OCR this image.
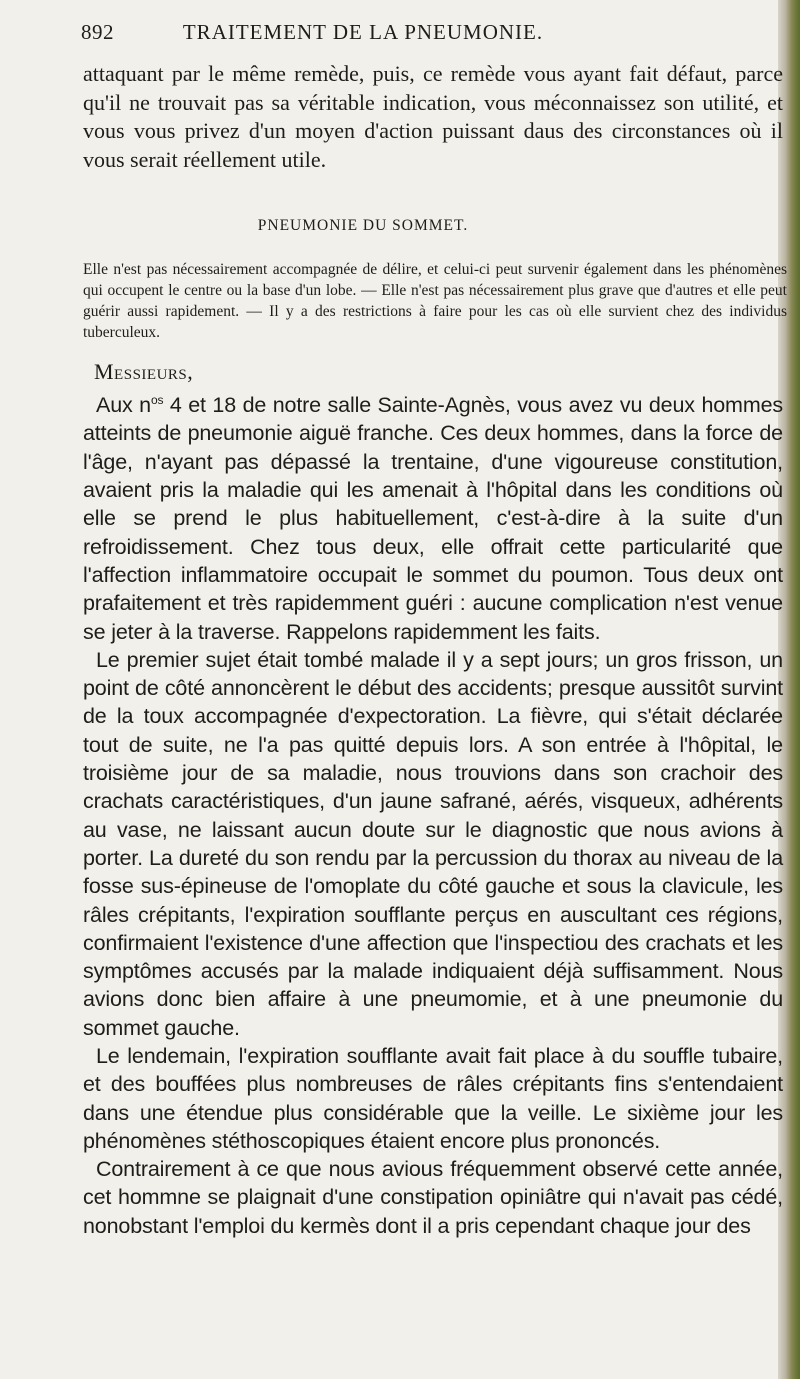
892	TRAITEMENT DE LA PNEUMONIE.

attaquant par le même remède, puis, ce remède vous ayant fait défaut, parce qu'il ne trouvait pas sa véritable indication, vous méconnaissez son utilité, et vous vous privez d'un moyen d'action puissant daus des circonstances où il vous serait réellement utile.

PNEUMONIE DU SOMMET.

Elle n'est pas nécessairement accompagnée de délire, et celui-ci peut survenir également dans les phénomènes qui occupent le centre ou la base d'un lobe. — Elle n'est pas nécessairement plus grave que d'autres et elle peut guérir aussi rapidement. — Il y a des restrictions à faire pour les cas où elle survient chez des individus tuberculeux.

Messieurs,

Aux $n^{os}$ 4 et 18 de notre salle Sainte-Agnès, vous avez vu deux hommes atteints de pneumonie aiguë franche. Ces deux hommes, dans la force de l'âge, n'ayant pas dépassé la trentaine, d'une vigoureuse constitution, avaient pris la maladie qui les amenait à l'hôpital dans les conditions où elle se prend le plus habituellement, c'est-à-dire à la suite d'un refroidissement. Chez tous deux, elle offrait cette particularité que l'affection inflammatoire occupait le sommet du poumon. Tous deux ont prafaitement et très rapidemment guéri : aucune complication n'est venue se jeter à la traverse. Rappelons rapidemment les faits.

Le premier sujet était tombé malade il y a sept jours; un gros frisson, un point de côté annoncèrent le début des accidents; presque aussitôt survint de la toux accompagnée d'expectoration. La fièvre, qui s'était déclarée tout de suite, ne l'a pas quitté depuis lors. A son entrée à l'hôpital, le troisième jour de sa maladie, nous trouvions dans son crachoir des crachats caractéristiques, d'un jaune safrané, aérés, visqueux, adhérents au vase, ne laissant aucun doute sur le diagnostic que nous avions à porter. La dureté du son rendu par la percussion du thorax au niveau de la fosse sus-épineuse de l'omoplate du côté gauche et sous la clavicule, les râles crépitants, l'expiration soufflante perçus en auscultant ces régions, confirmaient l'existence d'une affection que l'inspectiou des crachats et les symptômes accusés par la malade indiquaient déjà suffisamment. Nous avions donc bien affaire à une pneumomie, et à une pneumonie du sommet gauche.

Le lendemain, l'expiration soufflante avait fait place à du souffle tubaire, et des bouffées plus nombreuses de râles crépitants fins s'entendaient dans une étendue plus considérable que la veille. Le sixième jour les phénomènes stéthoscopiques étaient encore plus prononcés.

Contrairement à ce que nous avious fréquemment observé cette année, cet hommne se plaignait d'une constipation opiniâtre qui n'avait pas cédé, nonobstant l'emploi du kermès dont il a pris cependant chaque jour des
